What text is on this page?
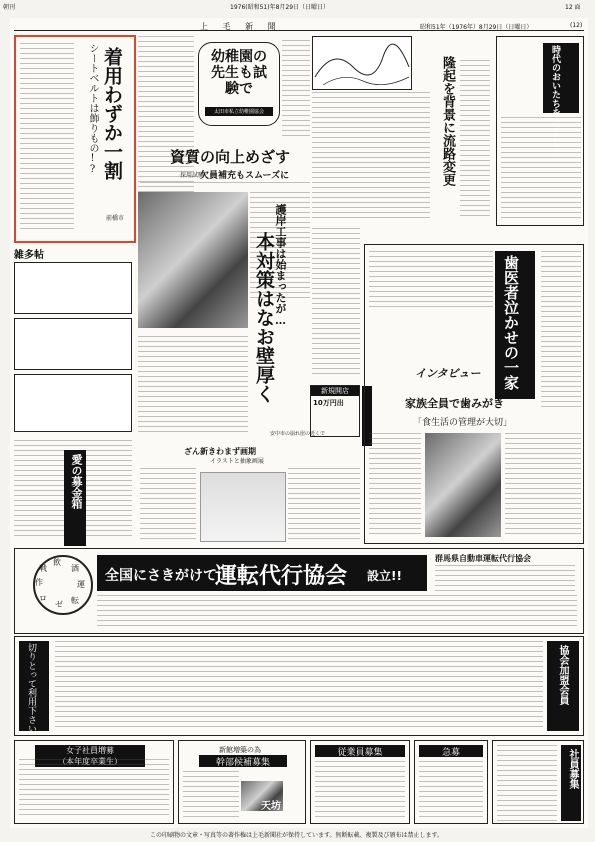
朝刊	1976(昭和51)年8月29日（日曜日）	12 面
上 毛 新 聞	昭和51年（1976年）8月29日（日曜日）	(12)
シートベルトは飾りもの!? 着用わずか一割
前橋市
幼稚園の先生も試験で
太田市私立幼稚園協会
資質の向上めざす
採用試験
欠員補充もスムーズに
	隆起を背景に流路変更	時代のおいたちをたずねる
雑多帖
愛の募金箱
護岸工事は始まったが…
本対策はなお壁厚く
安中市の崩れ崖の近くで
新規開店
10万円出
ざん新きわまず画期
イラストと抽象画展
歯医者泣かせの一家
インタビュー
家族全員で歯みがき
「食生活の管理が大切」
飲
酒
運
転
ゼ
ロ
作
戦	全国にさきがけて
運転代行協会 設立!!
群馬県自動車運転代行協会
切りとって利用下さい	協会加盟会員
女子社員増募（本年度卒業生）
新館増築の為
幹部候補募集
天坊
従業員募集	急募	社員募集
この印刷物の文章・写真等の著作権は上毛新聞社が保持しています。無断転載、複製及び頒布は禁止します。
